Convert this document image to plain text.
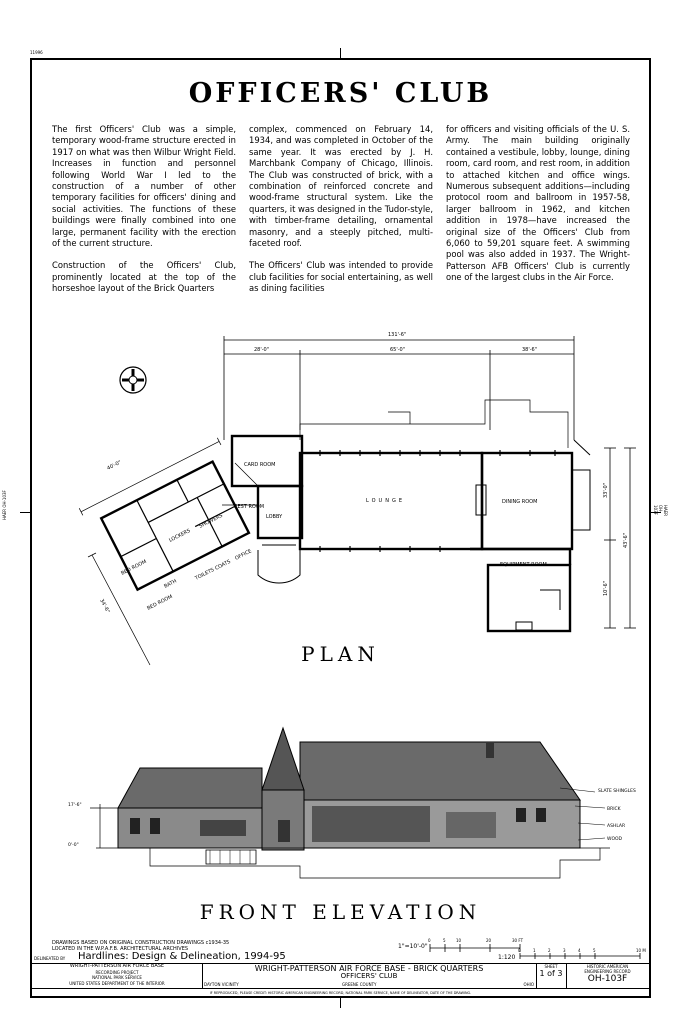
11996
HAER OH-103F	HAER OH-103F
OFFICERS' CLUB

The first Officers' Club was a simple, temporary wood-frame structure erected in 1917 on what was then Wilbur Wright Field. Increases in function and personnel following World War I led to the construction of a number of other temporary facilities for officers' dining and social activities. The functions of these buildings were finally combined into one large, permanent facility with the erection of the current structure.

Construction of the Officers' Club, prominently located at the top of the horseshoe layout of the Brick Quarters

complex, commenced on February 14, 1934, and was completed in October of the same year. It was erected by J. H. Marchbank Company of Chicago, Illinois. The Club was constructed of brick, with a combination of reinforced concrete and wood-frame structural system. Like the quarters, it was designed in the Tudor-style, with timber-frame detailing, ornamental masonry, and a steeply pitched, multi-faceted roof.

The Officers' Club was intended to provide club facilities for social entertaining, as well as dining facilities

for officers and visiting officials of the U. S. Army. The main building originally contained a vestibule, lobby, lounge, dining room, card room, and rest room, in addition to attached kitchen and office wings. Numerous subsequent additions—including protocol room and ballroom in 1957-58, larger ballroom in 1962, and kitchen addition in 1978—have increased the original size of the Officers' Club from 6,060 to 59,201 square feet. A swimming pool was also added in 1937. The Wright-Patterson AFB Officers' Club is currently one of the largest clubs in the Air Force.

131'-6"
28'-0"	65'-0"	38'-6"
40'-0"
34'-6"
33'-0"
43'-6"
10'-6"
CARD ROOM
LOUNGE	DINING ROOM
REST ROOM
LOBBY
LOCKERS
SHOWERS
BED ROOM
BED ROOM
BATH
TOILETS
COATS
OFFICE
EQUIPMENT ROOM
PLAN
17'-6"
0'-0"
SLATE SHINGLES
BRICK
ASHLAR
WOOD
FRONT ELEVATION
DRAWINGS BASED ON ORIGINAL CONSTRUCTION DRAWINGS c1934-35
LOCATED IN THE W.P.A.F.B. ARCHITECTURAL ARCHIVES
DELINEATED BY Hardlines: Design & Delineation, 1994-95
0	5	10	20	30 FT
0	1	2	3	4	5	10 M
1"=10'-0"
1:120
WRIGHT-PATTERSON AIR FORCE BASE
RECORDING PROJECT
NATIONAL PARK SERVICE
UNITED STATES DEPARTMENT OF THE INTERIOR
WRIGHT-PATTERSON AIR FORCE BASE - BRICK QUARTERS
OFFICERS' CLUB
DAYTON VICINITY	GREENE COUNTY	OHIO
SHEET
1 of 3
HISTORIC AMERICAN
ENGINEERING RECORD
OH-103F
IF REPRODUCED, PLEASE CREDIT: HISTORIC AMERICAN ENGINEERING RECORD, NATIONAL PARK SERVICE, NAME OF DELINEATOR, DATE OF THE DRAWING.
